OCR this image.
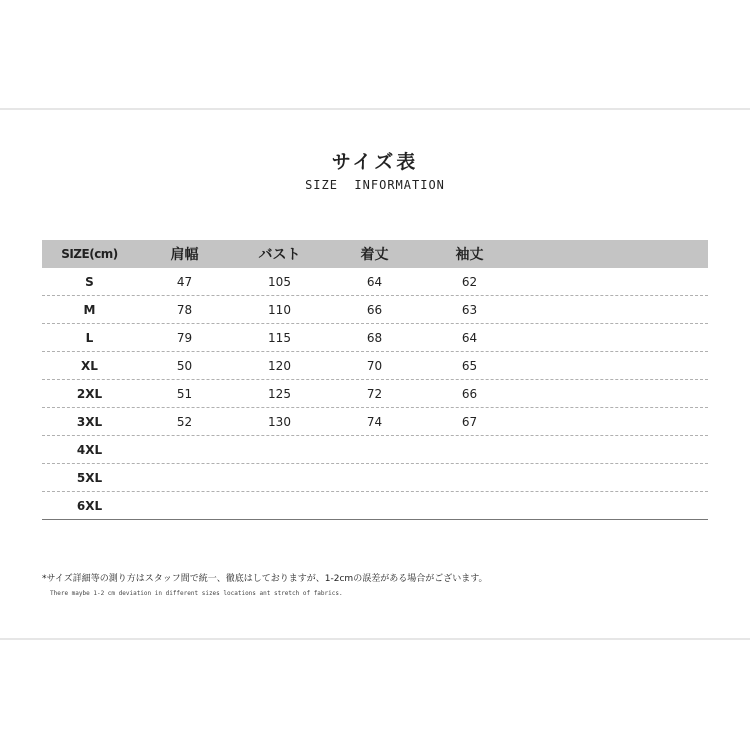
サイズ表
SIZE  INFORMATION
SIZE(cm)	肩幅	バスト	着丈	袖丈
S	47	105	64	62
M	78	110	66	63
L	79	115	68	64
XL	50	120	70	65
2XL	51	125	72	66
3XL	52	130	74	67
4XL
5XL
6XL
*サイズ詳細等の測り方はスタッフ間で統一、徹底はしておりますが、1-2cmの誤差がある場合がございます。
There maybe 1-2 cm deviation in different sizes locations ant stretch of fabrics.
